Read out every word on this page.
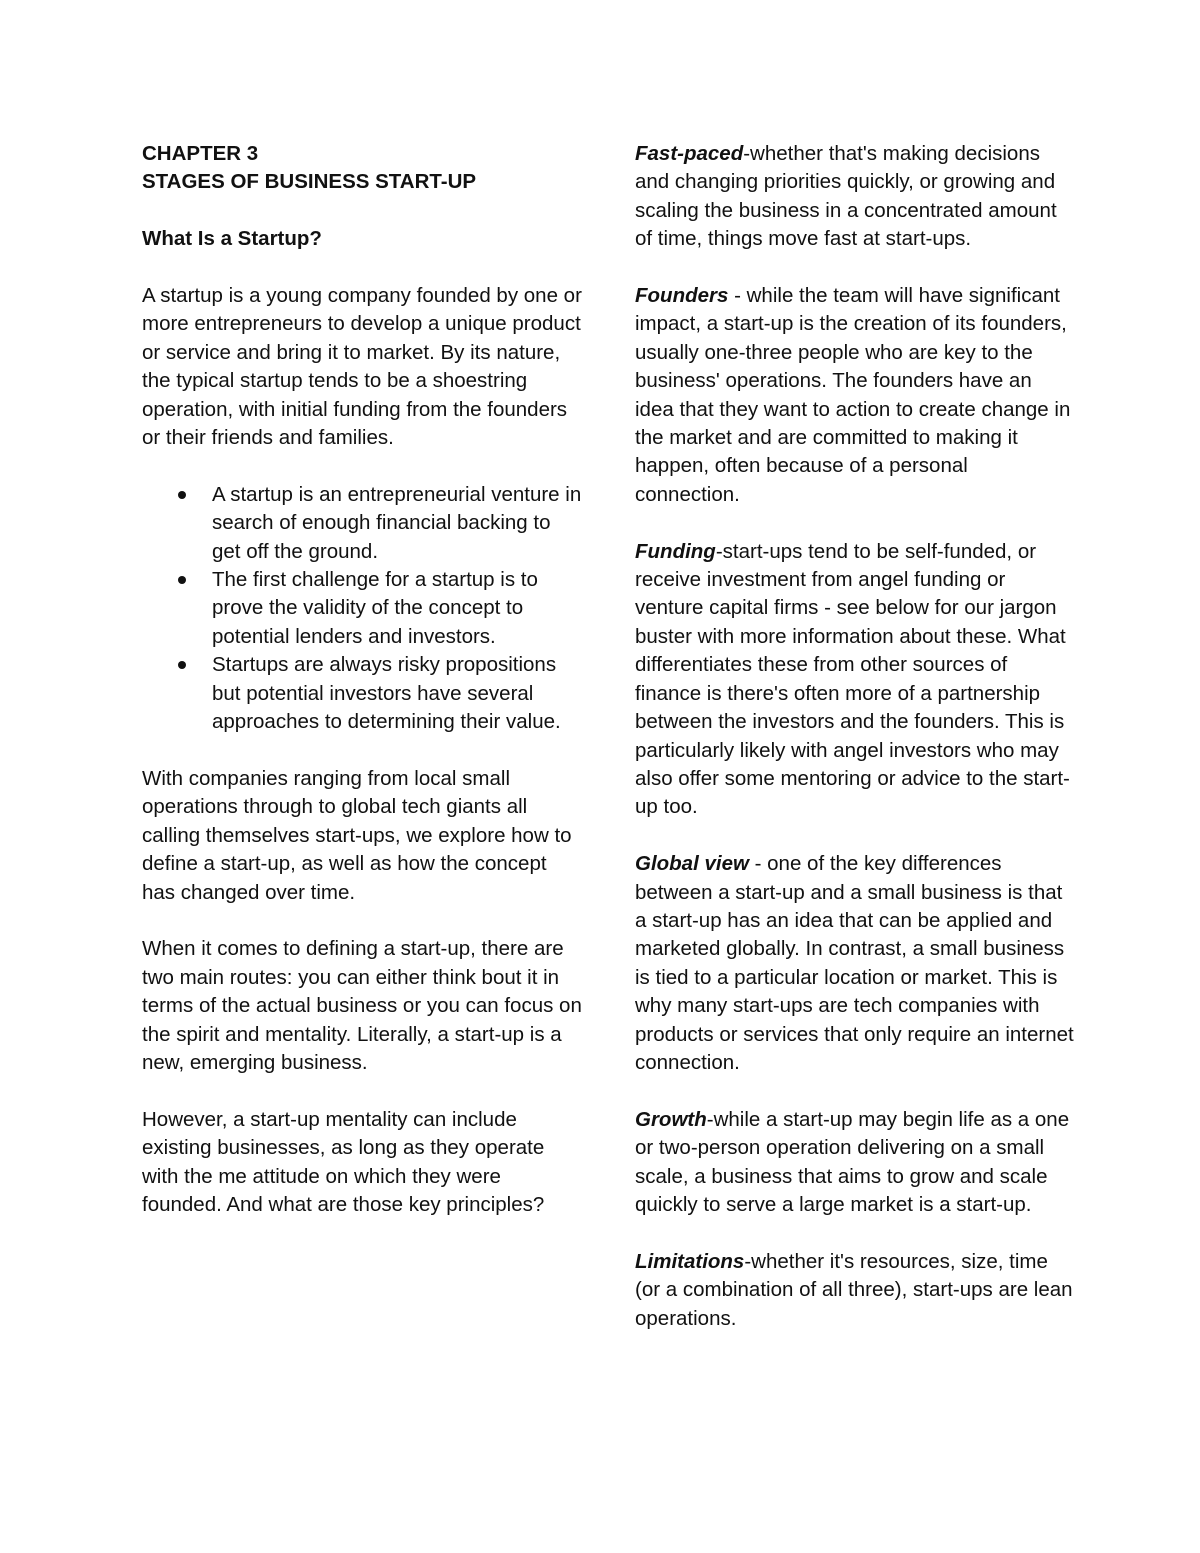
CHAPTER 3

STAGES OF BUSINESS START-UP

What Is a Startup?

A startup is a young company founded by one or more entrepreneurs to develop a unique product or service and bring it to market. By its nature, the typical startup tends to be a shoestring operation, with initial funding from the founders or their friends and families.

A startup is an entrepreneurial venture in search of enough financial backing to get off the ground.
The first challenge for a startup is to prove the validity of the concept to potential lenders and investors.
Startups are always risky propositions but potential investors have several approaches to determining their value.

With companies ranging from local small operations through to global tech giants all calling themselves start-ups, we explore how to define a start-up, as well as how the concept has changed over time.

When it comes to defining a start-up, there are two main routes: you can either think bout it in terms of the actual business or you can focus on the spirit and mentality. Literally, a start-up is a new, emerging business.

However, a start-up mentality can include existing businesses, as long as they operate with the me attitude on which they were founded. And what are those key principles?

Fast-paced-whether that's making decisions and changing priorities quickly, or growing and scaling the business in a concentrated amount of time, things move fast at start-ups.

Founders - while the team will have significant impact, a start-up is the creation of its founders, usually one-three people who are key to the business' operations. The founders have an idea that they want to action to create change in the market and are committed to making it happen, often because of a personal connection.

Funding-start-ups tend to be self-funded, or receive investment from angel funding or venture capital firms - see below for our jargon buster with more information about these. What differentiates these from other sources of finance is there's often more of a partnership between the investors and the founders. This is particularly likely with angel investors who may also offer some mentoring or advice to the start-up too.

Global view - one of the key differences between a start-up and a small business is that a start-up has an idea that can be applied and marketed globally. In contrast, a small business is tied to a particular location or market. This is why many start-ups are tech companies with products or services that only require an internet connection.

Growth-while a start-up may begin life as a one or two-person operation delivering on a small scale, a business that aims to grow and scale quickly to serve a large market is a start-up.

Limitations-whether it's resources, size, time (or a combination of all three), start-ups are lean operations.
